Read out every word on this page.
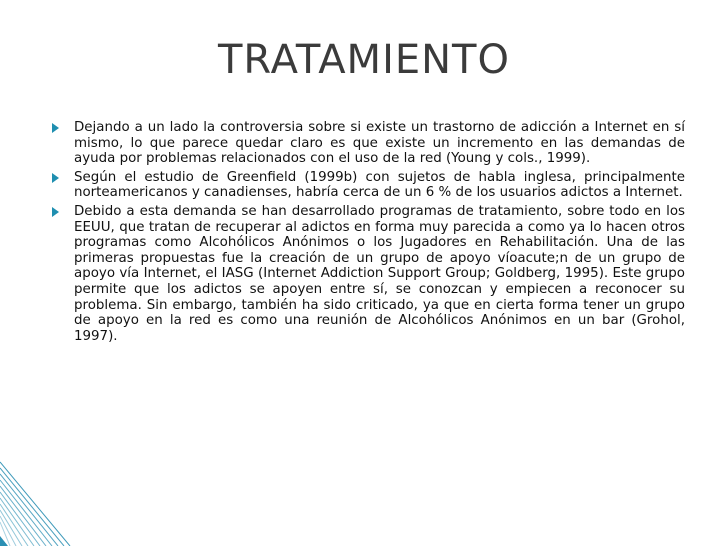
TRATAMIENTO
Dejando a un lado la controversia sobre si existe un trastorno de adicción a Internet en sí mismo, lo que parece quedar claro es que existe un incremento en las demandas de ayuda por problemas relacionados con el uso de la red (Young y cols., 1999).
Según el estudio de Greenfield (1999b) con sujetos de habla inglesa, principalmente norteamericanos y canadienses, habría cerca de un 6 % de los usuarios adictos a Internet.
Debido a esta demanda se han desarrollado programas de tratamiento, sobre todo en los EEUU, que tratan de recuperar al adictos en forma muy parecida a como ya lo hacen otros programas como Alcohólicos Anónimos o los Jugadores en Rehabilitación. Una de las primeras propuestas fue la creación de un grupo de apoyo víoacute;n de un grupo de apoyo vía Internet, el IASG (Internet Addiction Support Group; Goldberg, 1995). Este grupo permite que los adictos se apoyen entre sí, se conozcan y empiecen a reconocer su problema. Sin embargo, también ha sido criticado, ya que en cierta forma tener un grupo de apoyo en la red es como una reunión de Alcohólicos Anónimos en un bar (Grohol, 1997).
